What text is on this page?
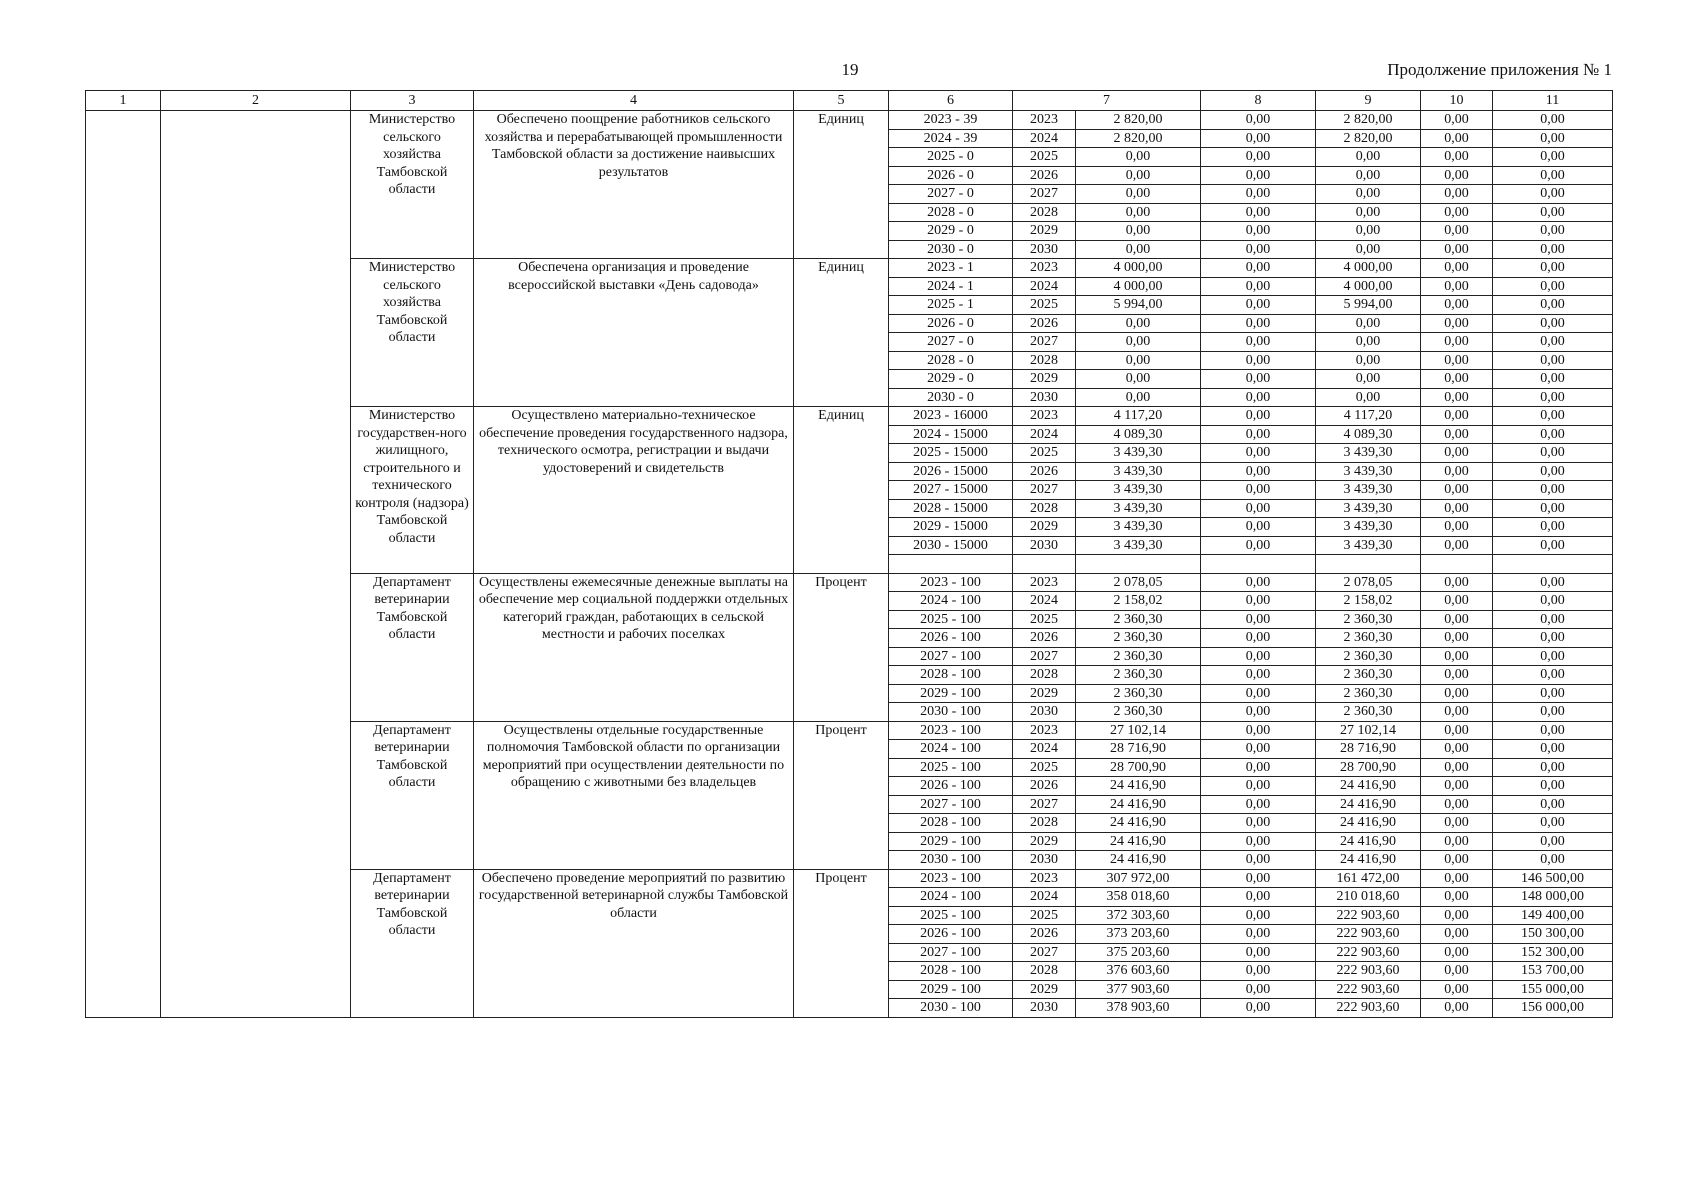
19	Продолжение приложения № 1
1	2	3	4	5	6	7		8	9	10	11
		Министерство сельского хозяйства Тамбовской области	Обеспечено поощрение работников сельского хозяйства и перерабатывающей промышленности Тамбовской области за достижение наивысших результатов	Единиц	2023 - 39	2023	2 820,00	0,00	2 820,00	0,00	0,00
					2024 - 39	2024	2 820,00	0,00	2 820,00	0,00	0,00
					2025 - 0	2025	0,00	0,00	0,00	0,00	0,00
					2026 - 0	2026	0,00	0,00	0,00	0,00	0,00
					2027 - 0	2027	0,00	0,00	0,00	0,00	0,00
					2028 - 0	2028	0,00	0,00	0,00	0,00	0,00
					2029 - 0	2029	0,00	0,00	0,00	0,00	0,00
					2030 - 0	2030	0,00	0,00	0,00	0,00	0,00
		Министерство сельского хозяйства Тамбовской области	Обеспечена организация и проведение всероссийской выставки «День садовода»	Единиц	2023 - 1	2023	4 000,00	0,00	4 000,00	0,00	0,00
					2024 - 1	2024	4 000,00	0,00	4 000,00	0,00	0,00
					2025 - 1	2025	5 994,00	0,00	5 994,00	0,00	0,00
					2026 - 0	2026	0,00	0,00	0,00	0,00	0,00
					2027 - 0	2027	0,00	0,00	0,00	0,00	0,00
					2028 - 0	2028	0,00	0,00	0,00	0,00	0,00
					2029 - 0	2029	0,00	0,00	0,00	0,00	0,00
					2030 - 0	2030	0,00	0,00	0,00	0,00	0,00
		Министерство государствен-ного жилищного, строительного и технического контроля (надзора) Тамбовской области	Осуществлено материально-техническое обеспечение проведения государственного надзора, технического осмотра, регистрации и выдачи удостоверений и свидетельств	Единиц	2023 - 16000	2023	4 117,20	0,00	4 117,20	0,00	0,00
					2024 - 15000	2024	4 089,30	0,00	4 089,30	0,00	0,00
					2025 - 15000	2025	3 439,30	0,00	3 439,30	0,00	0,00
					2026 - 15000	2026	3 439,30	0,00	3 439,30	0,00	0,00
					2027 - 15000	2027	3 439,30	0,00	3 439,30	0,00	0,00
					2028 - 15000	2028	3 439,30	0,00	3 439,30	0,00	0,00
					2029 - 15000	2029	3 439,30	0,00	3 439,30	0,00	0,00
					2030 - 15000	2030	3 439,30	0,00	3 439,30	0,00	0,00

		Департамент ветеринарии Тамбовской области	Осуществлены ежемесячные денежные выплаты на обеспечение мер социальной поддержки отдельных категорий граждан, работающих в сельской местности и рабочих поселках	Процент	2023 - 100	2023	2 078,05	0,00	2 078,05	0,00	0,00
					2024 - 100	2024	2 158,02	0,00	2 158,02	0,00	0,00
					2025 - 100	2025	2 360,30	0,00	2 360,30	0,00	0,00
					2026 - 100	2026	2 360,30	0,00	2 360,30	0,00	0,00
					2027 - 100	2027	2 360,30	0,00	2 360,30	0,00	0,00
					2028 - 100	2028	2 360,30	0,00	2 360,30	0,00	0,00
					2029 - 100	2029	2 360,30	0,00	2 360,30	0,00	0,00
					2030 - 100	2030	2 360,30	0,00	2 360,30	0,00	0,00
		Департамент ветеринарии Тамбовской области	Осуществлены отдельные государственные полномочия Тамбовской области по организации мероприятий при осуществлении деятельности по обращению с животными без владельцев	Процент	2023 - 100	2023	27 102,14	0,00	27 102,14	0,00	0,00
					2024 - 100	2024	28 716,90	0,00	28 716,90	0,00	0,00
					2025 - 100	2025	28 700,90	0,00	28 700,90	0,00	0,00
					2026 - 100	2026	24 416,90	0,00	24 416,90	0,00	0,00
					2027 - 100	2027	24 416,90	0,00	24 416,90	0,00	0,00
					2028 - 100	2028	24 416,90	0,00	24 416,90	0,00	0,00
					2029 - 100	2029	24 416,90	0,00	24 416,90	0,00	0,00
					2030 - 100	2030	24 416,90	0,00	24 416,90	0,00	0,00
		Департамент ветеринарии Тамбовской области	Обеспечено проведение мероприятий по развитию государственной ветеринарной службы Тамбовской области	Процент	2023 - 100	2023	307 972,00	0,00	161 472,00	0,00	146 500,00
					2024 - 100	2024	358 018,60	0,00	210 018,60	0,00	148 000,00
					2025 - 100	2025	372 303,60	0,00	222 903,60	0,00	149 400,00
					2026 - 100	2026	373 203,60	0,00	222 903,60	0,00	150 300,00
					2027 - 100	2027	375 203,60	0,00	222 903,60	0,00	152 300,00
					2028 - 100	2028	376 603,60	0,00	222 903,60	0,00	153 700,00
					2029 - 100	2029	377 903,60	0,00	222 903,60	0,00	155 000,00
					2030 - 100	2030	378 903,60	0,00	222 903,60	0,00	156 000,00
